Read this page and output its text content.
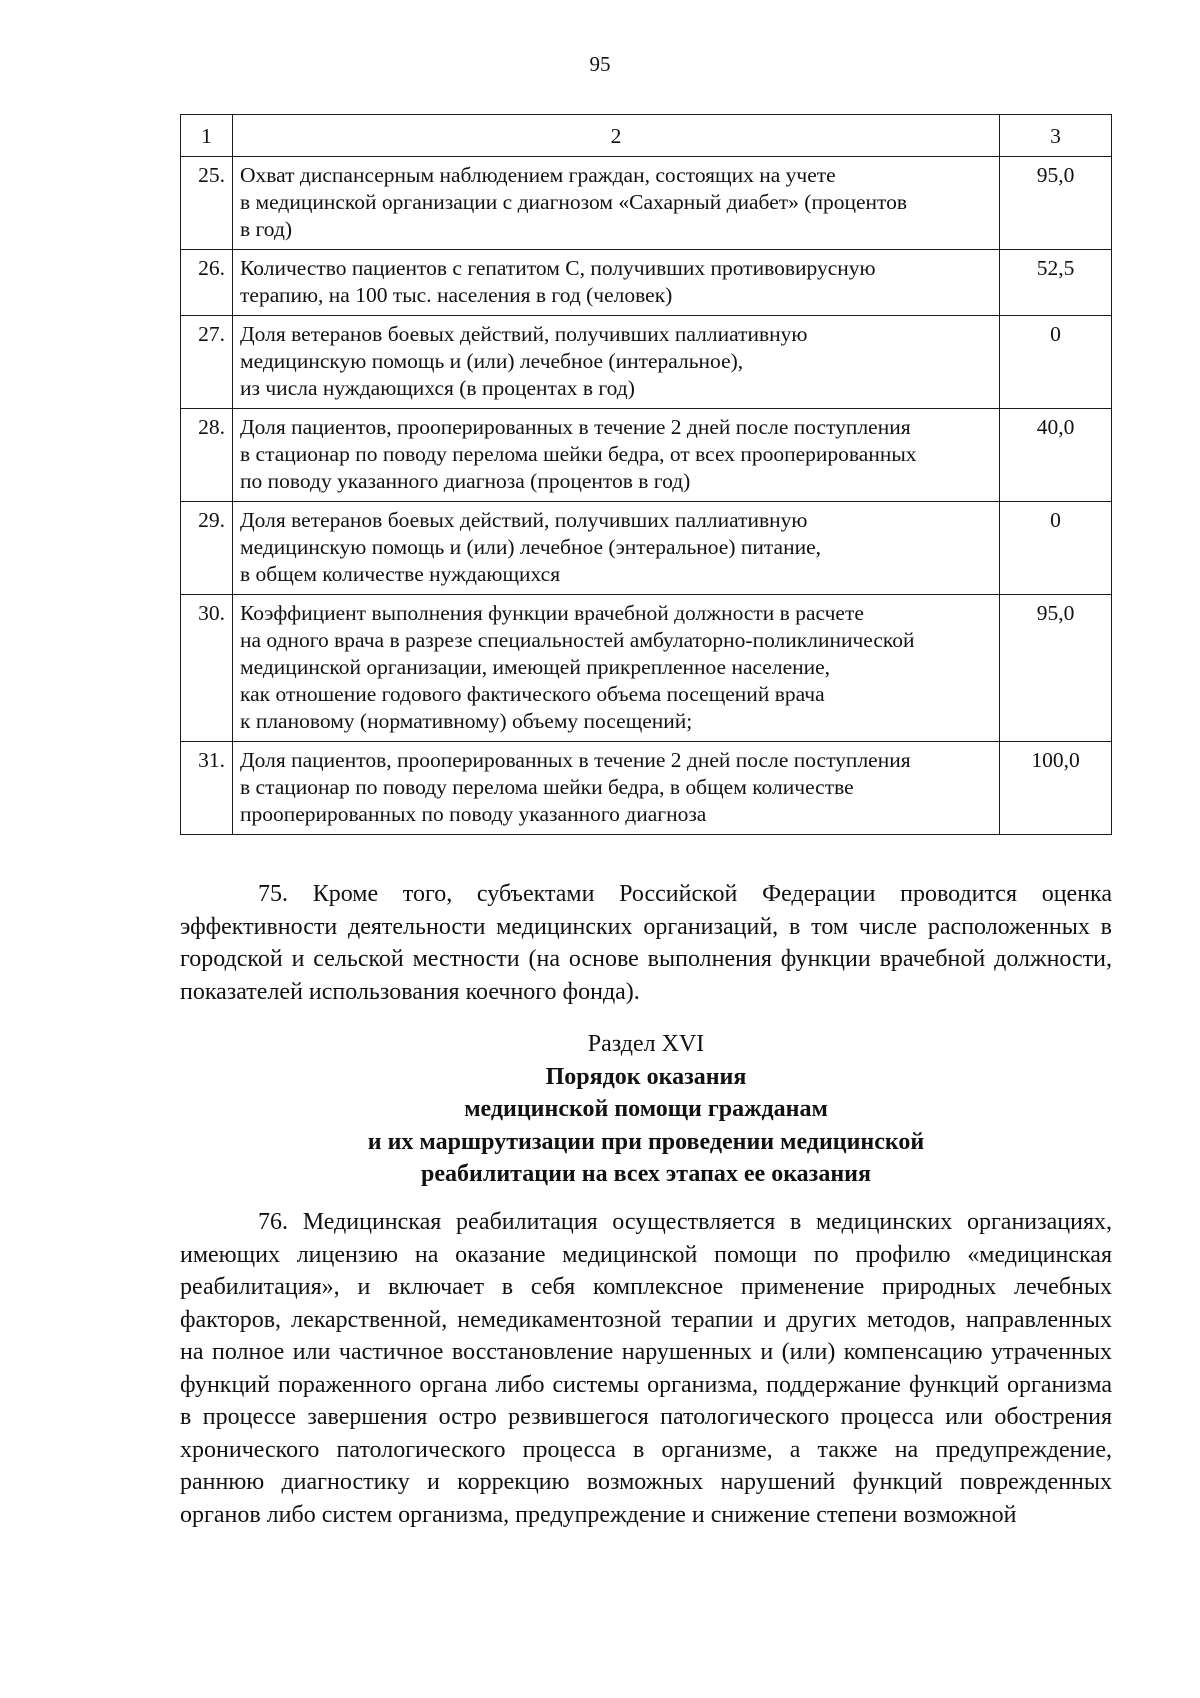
95
1	2	3
25.	Охват диспансерным наблюдением граждан, состоящих на учете
в медицинской организации с диагнозом «Сахарный диабет» (процентов
в год)	95,0
26.	Количество пациентов с гепатитом С, получивших противовирусную
терапию, на 100 тыс. населения в год (человек)	52,5
27.	Доля ветеранов боевых действий, получивших паллиативную
медицинскую помощь и (или) лечебное (интеральное),
из числа нуждающихся (в процентах в год)	0
28.	Доля пациентов, прооперированных в течение 2 дней после поступления
в стационар по поводу перелома шейки бедра, от всех прооперированных
по поводу указанного диагноза (процентов в год)	40,0
29.	Доля ветеранов боевых действий, получивших паллиативную
медицинскую помощь и (или) лечебное (энтеральное) питание,
в общем количестве нуждающихся	0
30.	Коэффициент выполнения функции врачебной должности в расчете
на одного врача в разрезе специальностей амбулаторно-поликлинической
медицинской организации, имеющей прикрепленное население,
как отношение годового фактического объема посещений врача
к плановому (нормативному) объему посещений;	95,0
31.	Доля пациентов, прооперированных в течение 2 дней после поступления
в стационар по поводу перелома шейки бедра, в общем количестве
прооперированных по поводу указанного диагноза	100,0

75. Кроме того, субъектами Российской Федерации проводится оценка эффективности деятельности медицинских организаций, в том числе расположенных в городской и сельской местности (на основе выполнения функции врачебной должности, показателей использования коечного фонда).

Раздел XVI
Порядок оказания
медицинской помощи гражданам
и их маршрутизации при проведении медицинской
реабилитации на всех этапах ее оказания

76. Медицинская реабилитация осуществляется в медицинских организациях, имеющих лицензию на оказание медицинской помощи по профилю «медицинская реабилитация», и включает в себя комплексное применение природных лечебных факторов, лекарственной, немедикаментозной терапии и других методов, направленных на полное или частичное восстановление нарушенных и (или) компенсацию утраченных функций пораженного органа либо системы организма, поддержание функций организма в процессе завершения остро резвившегося патологического процесса или обострения хронического патологического процесса в организме, а также на предупреждение, раннюю диагностику и коррекцию возможных нарушений функций поврежденных органов либо систем организма, предупреждение и снижение степени возможной
